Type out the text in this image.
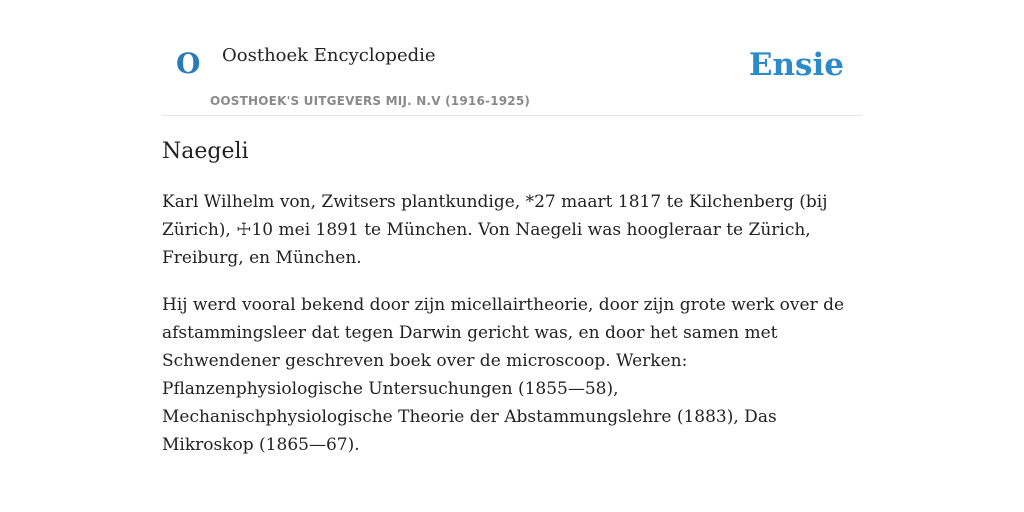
O Oosthoek Encyclopedie
OOSTHOEK'S UITGEVERS MIJ. N.V (1916-1925)
Ensie
Naegeli

Karl Wilhelm von, Zwitsers plantkundige, *27 maart 1817 te Kilchenberg (bij Zürich), ☩10 mei 1891 te München. Von Naegeli was hoogleraar te Zürich, Freiburg, en München.

Hij werd vooral bekend door zijn micellairtheorie, door zijn grote werk over de afstammingsleer dat tegen Darwin gericht was, en door het samen met Schwendener geschreven boek over de microscoop. Werken: Pflanzenphysiologische Untersuchungen (1855—58), Mechanischphysiologische Theorie der Abstammungslehre (1883), Das Mikroskop (1865—67).
